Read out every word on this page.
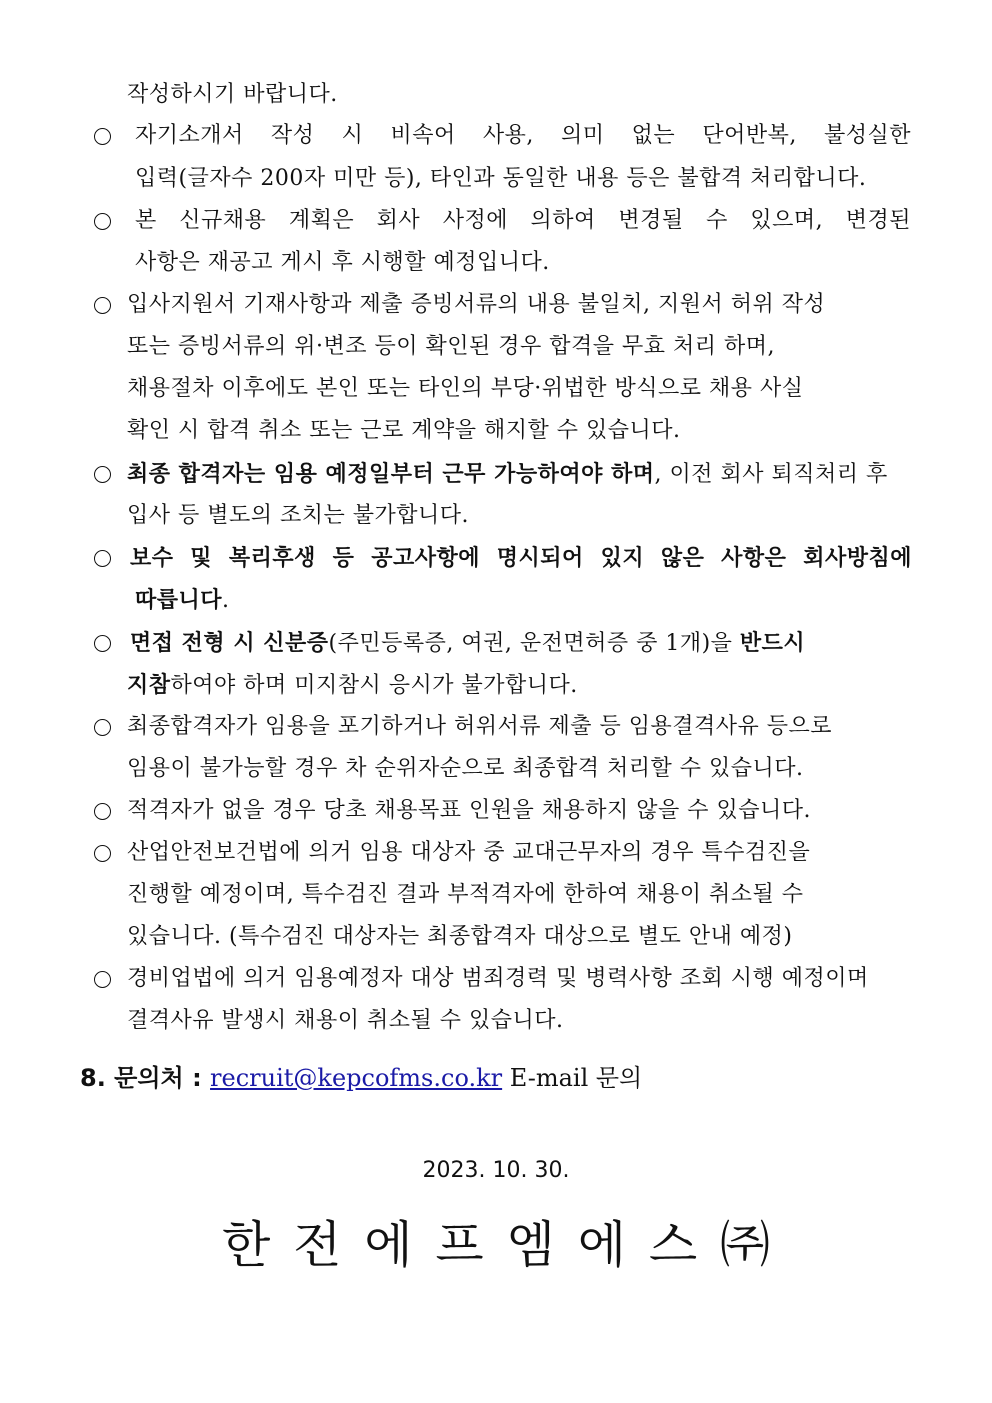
작성하시기 바랍니다.
자기소개서 작성 시 비속어 사용, 의미 없는 단어반복, 불성실한
입력(글자수 200자 미만 등), 타인과 동일한 내용 등은 불합격 처리합니다.
본 신규채용 계획은 회사 사정에 의하여 변경될 수 있으며, 변경된
사항은 재공고 게시 후 시행할 예정입니다.
입사지원서 기재사항과 제출 증빙서류의 내용 불일치, 지원서 허위 작성
또는 증빙서류의 위·변조 등이 확인된 경우 합격을 무효 처리 하며,
채용절차 이후에도 본인 또는 타인의 부당·위법한 방식으로 채용 사실
확인 시 합격 취소 또는 근로 계약을 해지할 수 있습니다.
최종 합격자는 임용 예정일부터 근무 가능하여야 하며, 이전 회사 퇴직처리 후
입사 등 별도의 조치는 불가합니다.
보수 및 복리후생 등 공고사항에 명시되어 있지 않은 사항은 회사방침에
따릅니다.
면접 전형 시 신분증(주민등록증, 여권, 운전면허증 중 1개)을 반드시
지참하여야 하며 미지참시 응시가 불가합니다.
최종합격자가 임용을 포기하거나 허위서류 제출 등 임용결격사유 등으로
임용이 불가능할 경우 차 순위자순으로 최종합격 처리할 수 있습니다.
적격자가 없을 경우 당초 채용목표 인원을 채용하지 않을 수 있습니다.
산업안전보건법에 의거 임용 대상자 중 교대근무자의 경우 특수검진을
진행할 예정이며, 특수검진 결과 부적격자에 한하여 채용이 취소될 수
있습니다. (특수검진 대상자는 최종합격자 대상으로 별도 안내 예정)
경비업법에 의거 임용예정자 대상 범죄경력 및 병력사항 조회 시행 예정이며
결격사유 발생시 채용이 취소될 수 있습니다.
8. 문의처 : recruit@kepcofms.co.kr E-mail 문의
2023. 10. 30.
한 전 에 프 엠 에 스 ㈜
